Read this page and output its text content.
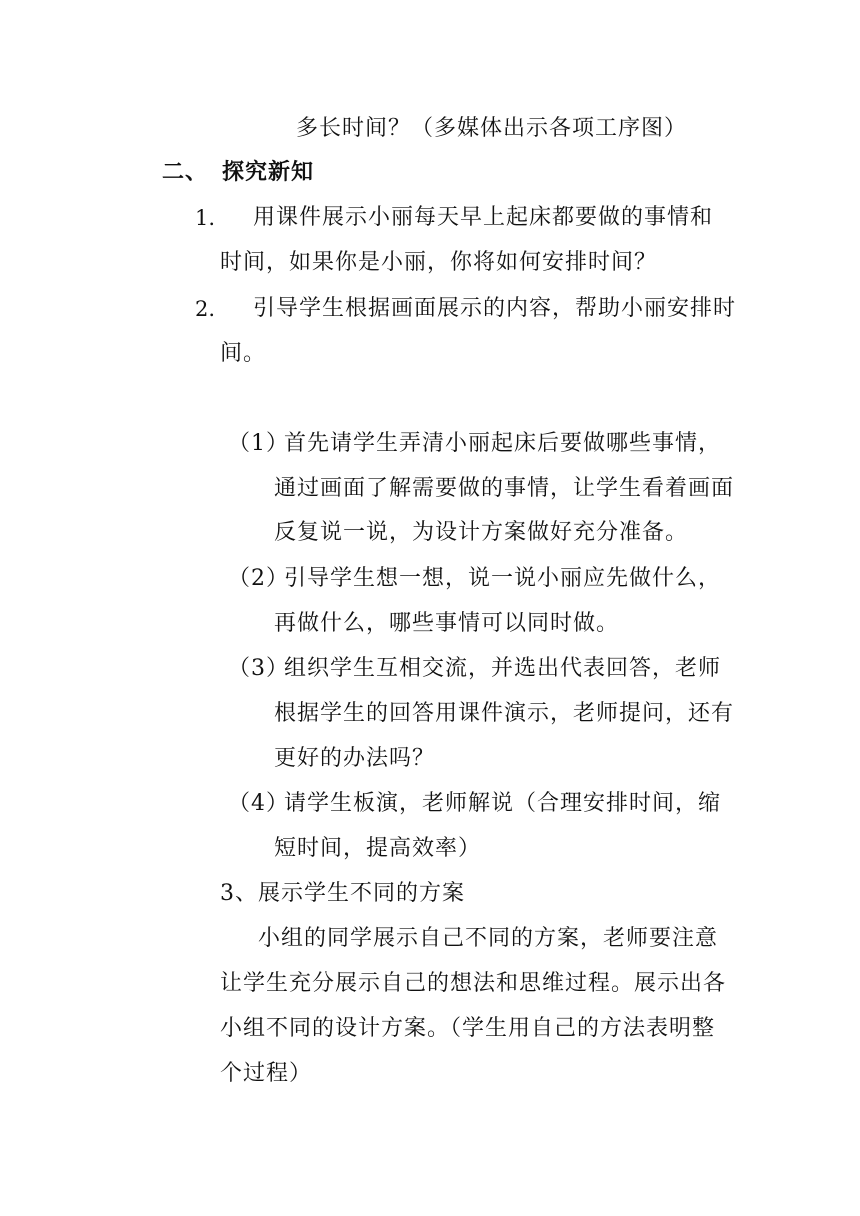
多长时间？（多媒体出示各项工序图）
二、 探究新知
1. 用课件展示小丽每天早上起床都要做的事情和
时间，如果你是小丽，你将如何安排时间？
2. 引导学生根据画面展示的内容，帮助小丽安排时
间。
（1）
首先请学生弄清小丽起床后要做哪些事情，
通过画面了解需要做的事情，让学生看着画面
反复说一说，为设计方案做好充分准备。
（2）
引导学生想一想，说一说小丽应先做什么，
再做什么，哪些事情可以同时做。
（3）
组织学生互相交流，并选出代表回答，老师
根据学生的回答用课件演示，老师提问，还有
更好的办法吗？
（4）
请学生板演，老师解说（合理安排时间，缩
短时间，提高效率）
3、展示学生不同的方案
小组的同学展示自己不同的方案，老师要注意
让学生充分展示自己的想法和思维过程。展示出各
小组不同的设计方案。（学生用自己的方法表明整
个过程）
